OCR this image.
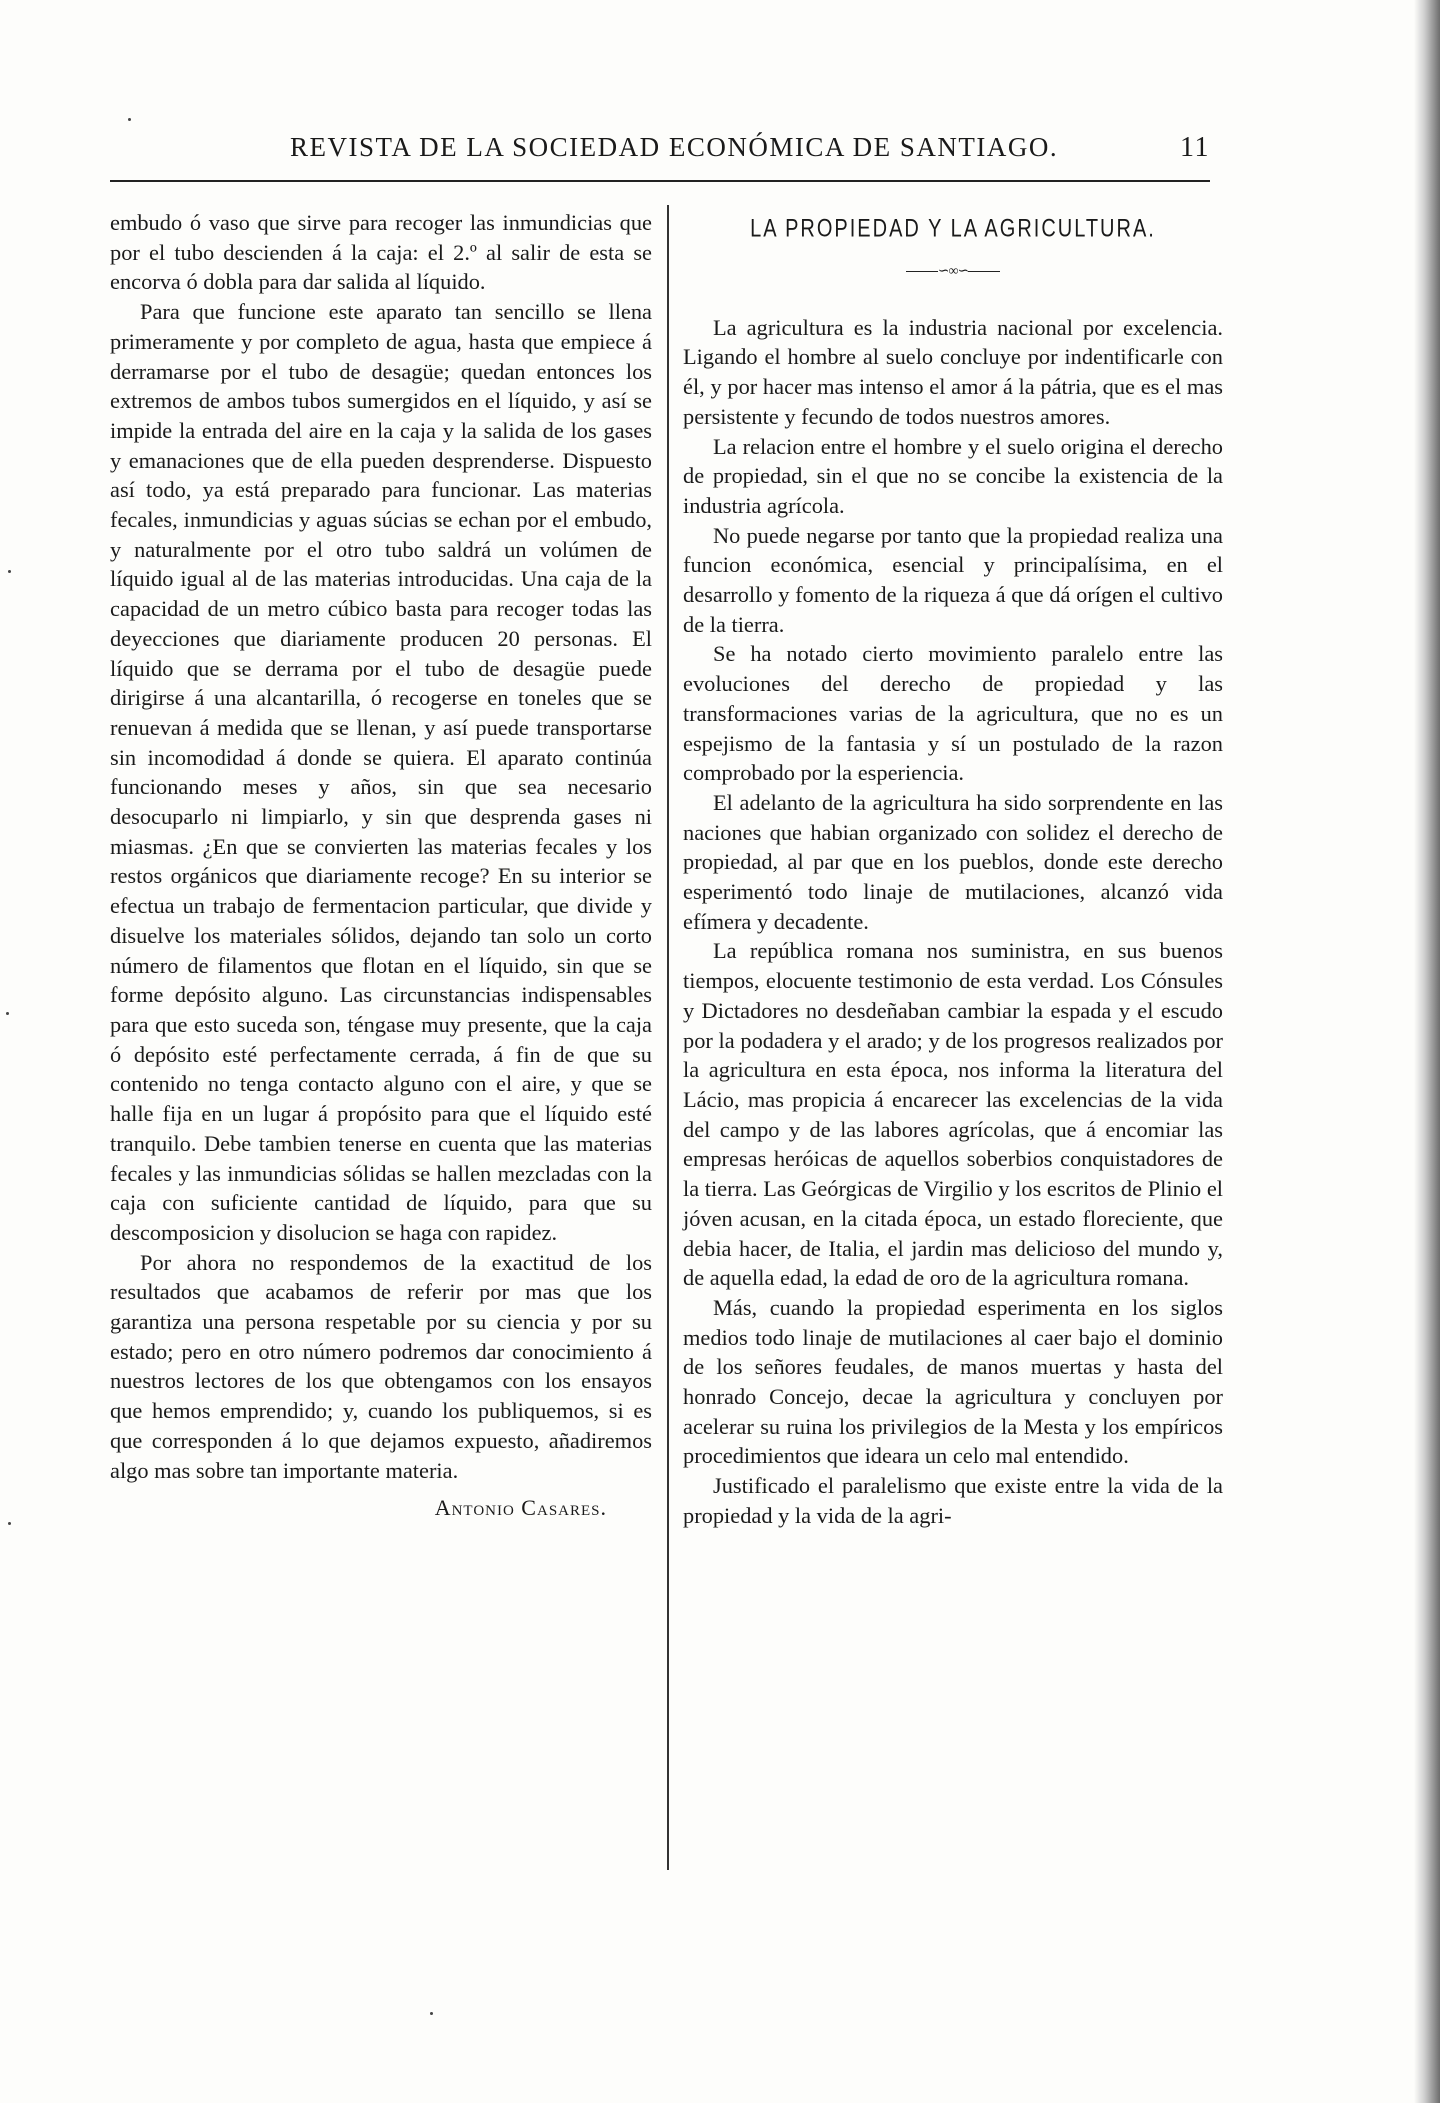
REVISTA DE LA SOCIEDAD ECONÓMICA DE SANTIAGO.	11

embudo ó vaso que sirve para recoger las inmundicias que por el tubo descienden á la caja: el 2.º al salir de esta se encorva ó dobla para dar salida al líquido.

Para que funcione este aparato tan sencillo se llena primeramente y por completo de agua, hasta que empiece á derramarse por el tubo de desagüe; quedan entonces los extremos de ambos tubos sumergidos en el líquido, y así se impide la entrada del aire en la caja y la salida de los gases y emanaciones que de ella pueden desprenderse. Dispuesto así todo, ya está preparado para funcionar. Las materias fecales, inmundicias y aguas súcias se echan por el embudo, y naturalmente por el otro tubo saldrá un volúmen de líquido igual al de las materias introducidas. Una caja de la capacidad de un metro cúbico basta para recoger todas las deyecciones que diariamente producen 20 personas. El líquido que se derrama por el tubo de desagüe puede dirigirse á una alcantarilla, ó recogerse en toneles que se renuevan á medida que se llenan, y así puede transportarse sin incomodidad á donde se quiera. El aparato continúa funcionando meses y años, sin que sea necesario desocuparlo ni limpiarlo, y sin que desprenda gases ni miasmas. ¿En que se convierten las materias fecales y los restos orgánicos que diariamente recoge? En su interior se efectua un trabajo de fermentacion particular, que divide y disuelve los materiales sólidos, dejando tan solo un corto número de filamentos que flotan en el líquido, sin que se forme depósito alguno. Las circunstancias indispensables para que esto suceda son, téngase muy presente, que la caja ó depósito esté perfectamente cerrada, á fin de que su contenido no tenga contacto alguno con el aire, y que se halle fija en un lugar á propósito para que el líquido esté tranquilo. Debe tambien tenerse en cuenta que las materias fecales y las inmundicias sólidas se hallen mezcladas con la caja con suficiente cantidad de líquido, para que su descomposicion y disolucion se haga con rapidez.

Por ahora no respondemos de la exactitud de los resultados que acabamos de referir por mas que los garantiza una persona respetable por su ciencia y por su estado; pero en otro número podremos dar conocimiento á nuestros lectores de los que obtengamos con los ensayos que hemos emprendido; y, cuando los publiquemos, si es que corresponden á lo que dejamos expuesto, añadiremos algo mas sobre tan importante materia.

Antonio Casares.
LA PROPIEDAD Y LA AGRICULTURA.
∽∞∽

La agricultura es la industria nacional por excelencia. Ligando el hombre al suelo concluye por indentificarle con él, y por hacer mas intenso el amor á la pátria, que es el mas persistente y fecundo de todos nuestros amores.

La relacion entre el hombre y el suelo origina el derecho de propiedad, sin el que no se concibe la existencia de la industria agrícola.

No puede negarse por tanto que la propiedad realiza una funcion económica, esencial y principalísima, en el desarrollo y fomento de la riqueza á que dá orígen el cultivo de la tierra.

Se ha notado cierto movimiento paralelo entre las evoluciones del derecho de propiedad y las transformaciones varias de la agricultura, que no es un espejismo de la fantasia y sí un postulado de la razon comprobado por la esperiencia.

El adelanto de la agricultura ha sido sorprendente en las naciones que habian organizado con solidez el derecho de propiedad, al par que en los pueblos, donde este derecho esperimentó todo linaje de mutilaciones, alcanzó vida efímera y decadente.

La república romana nos suministra, en sus buenos tiempos, elocuente testimonio de esta verdad. Los Cónsules y Dictadores no desdeñaban cambiar la espada y el escudo por la podadera y el arado; y de los progresos realizados por la agricultura en esta época, nos informa la literatura del Lácio, mas propicia á encarecer las excelencias de la vida del campo y de las labores agrícolas, que á encomiar las empresas heróicas de aquellos soberbios conquistadores de la tierra. Las Geórgicas de Virgilio y los escritos de Plinio el jóven acusan, en la citada época, un estado floreciente, que debia hacer, de Italia, el jardin mas delicioso del mundo y, de aquella edad, la edad de oro de la agricultura romana.

Más, cuando la propiedad esperimenta en los siglos medios todo linaje de mutilaciones al caer bajo el dominio de los señores feudales, de manos muertas y hasta del honrado Concejo, decae la agricultura y concluyen por acelerar su ruina los privilegios de la Mesta y los empíricos procedimientos que ideara un celo mal entendido.

Justificado el paralelismo que existe entre la vida de la propiedad y la vida de la agri-
